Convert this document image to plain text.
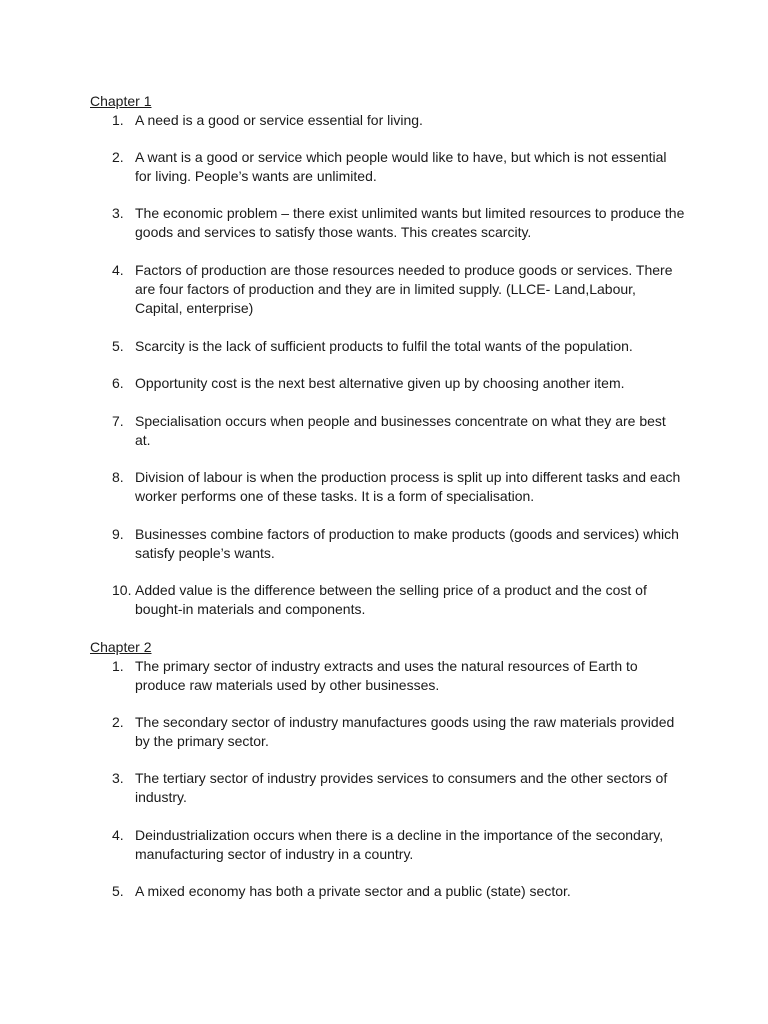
Chapter 1
1. A need is a good or service essential for living.
2. A want is a good or service which people would like to have, but which is not essential for living. People’s wants are unlimited.
3. The economic problem – there exist unlimited wants but limited resources to produce the goods and services to satisfy those wants. This creates scarcity.
4. Factors of production are those resources needed to produce goods or services. There are four factors of production and they are in limited supply. (LLCE- Land,Labour, Capital, enterprise)
5. Scarcity is the lack of sufficient products to fulfil the total wants of the population.
6. Opportunity cost is the next best alternative given up by choosing another item.
7. Specialisation occurs when people and businesses concentrate on what they are best at.
8. Division of labour is when the production process is split up into different tasks and each worker performs one of these tasks. It is a form of specialisation.
9. Businesses combine factors of production to make products (goods and services) which satisfy people’s wants.
10. Added value is the difference between the selling price of a product and the cost of bought-in materials and components.
Chapter 2
1. The primary sector of industry extracts and uses the natural resources of Earth to produce raw materials used by other businesses.
2. The secondary sector of industry manufactures goods using the raw materials provided by the primary sector.
3. The tertiary sector of industry provides services to consumers and the other sectors of industry.
4. Deindustrialization occurs when there is a decline in the importance of the secondary, manufacturing sector of industry in a country.
5. A mixed economy has both a private sector and a public (state) sector.
